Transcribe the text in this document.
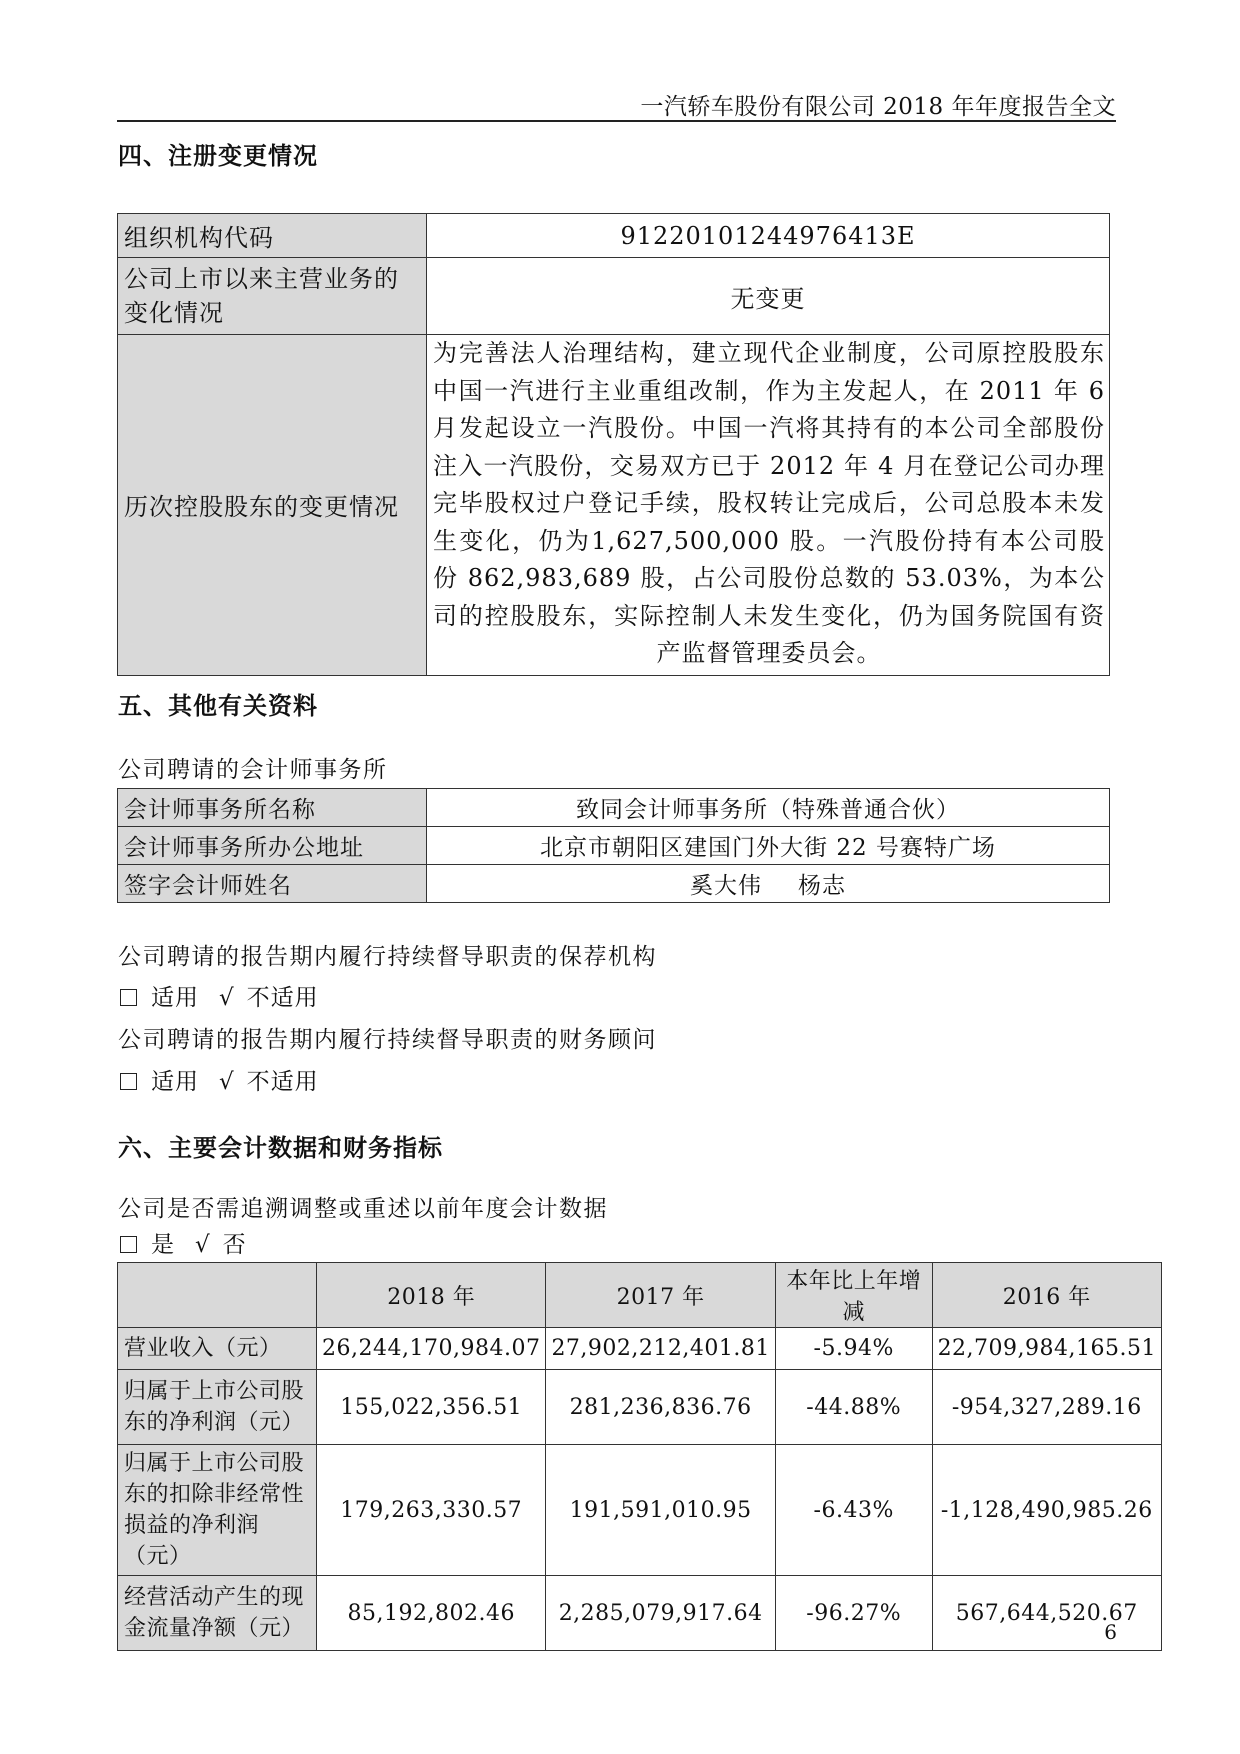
一汽轿车股份有限公司 2018 年年度报告全文
四、注册变更情况
组织机构代码	91220101244976413E
公司上市以来主营业务的变化情况	无变更
历次控股股东的变更情况	为完善法人治理结构，建立现代企业制度，公司原控股股东中国一汽进行主业重组改制，作为主发起人，在 2011 年 6 月发起设立一汽股份。中国一汽将其持有的本公司全部股份注入一汽股份，交易双方已于 2012 年 4 月在登记公司办理完毕股权过户登记手续，股权转让完成后，公司总股本未发生变化，仍为1,627,500,000 股。一汽股份持有本公司股份 862,983,689 股，占公司股份总数的 53.03%，为本公司的控股股东，实际控制人未发生变化，仍为国务院国有资产监督管理委员会。
五、其他有关资料
公司聘请的会计师事务所
会计师事务所名称	致同会计师事务所（特殊普通合伙）
会计师事务所办公地址	北京市朝阳区建国门外大街 22 号赛特广场
签字会计师姓名	奚大伟 杨志
公司聘请的报告期内履行持续督导职责的保荐机构
适用 √ 不适用
公司聘请的报告期内履行持续督导职责的财务顾问
适用 √ 不适用
六、主要会计数据和财务指标
公司是否需追溯调整或重述以前年度会计数据
是 √ 否
	2018 年	2017 年	本年比上年增减	2016 年
营业收入（元）	26,244,170,984.07	27,902,212,401.81	-5.94%	22,709,984,165.51
归属于上市公司股东的净利润（元）	155,022,356.51	281,236,836.76	-44.88%	-954,327,289.16
归属于上市公司股东的扣除非经常性损益的净利润（元）	179,263,330.57	191,591,010.95	-6.43%	-1,128,490,985.26
经营活动产生的现金流量净额（元）	85,192,802.46	2,285,079,917.64	-96.27%	567,644,520.67
6
